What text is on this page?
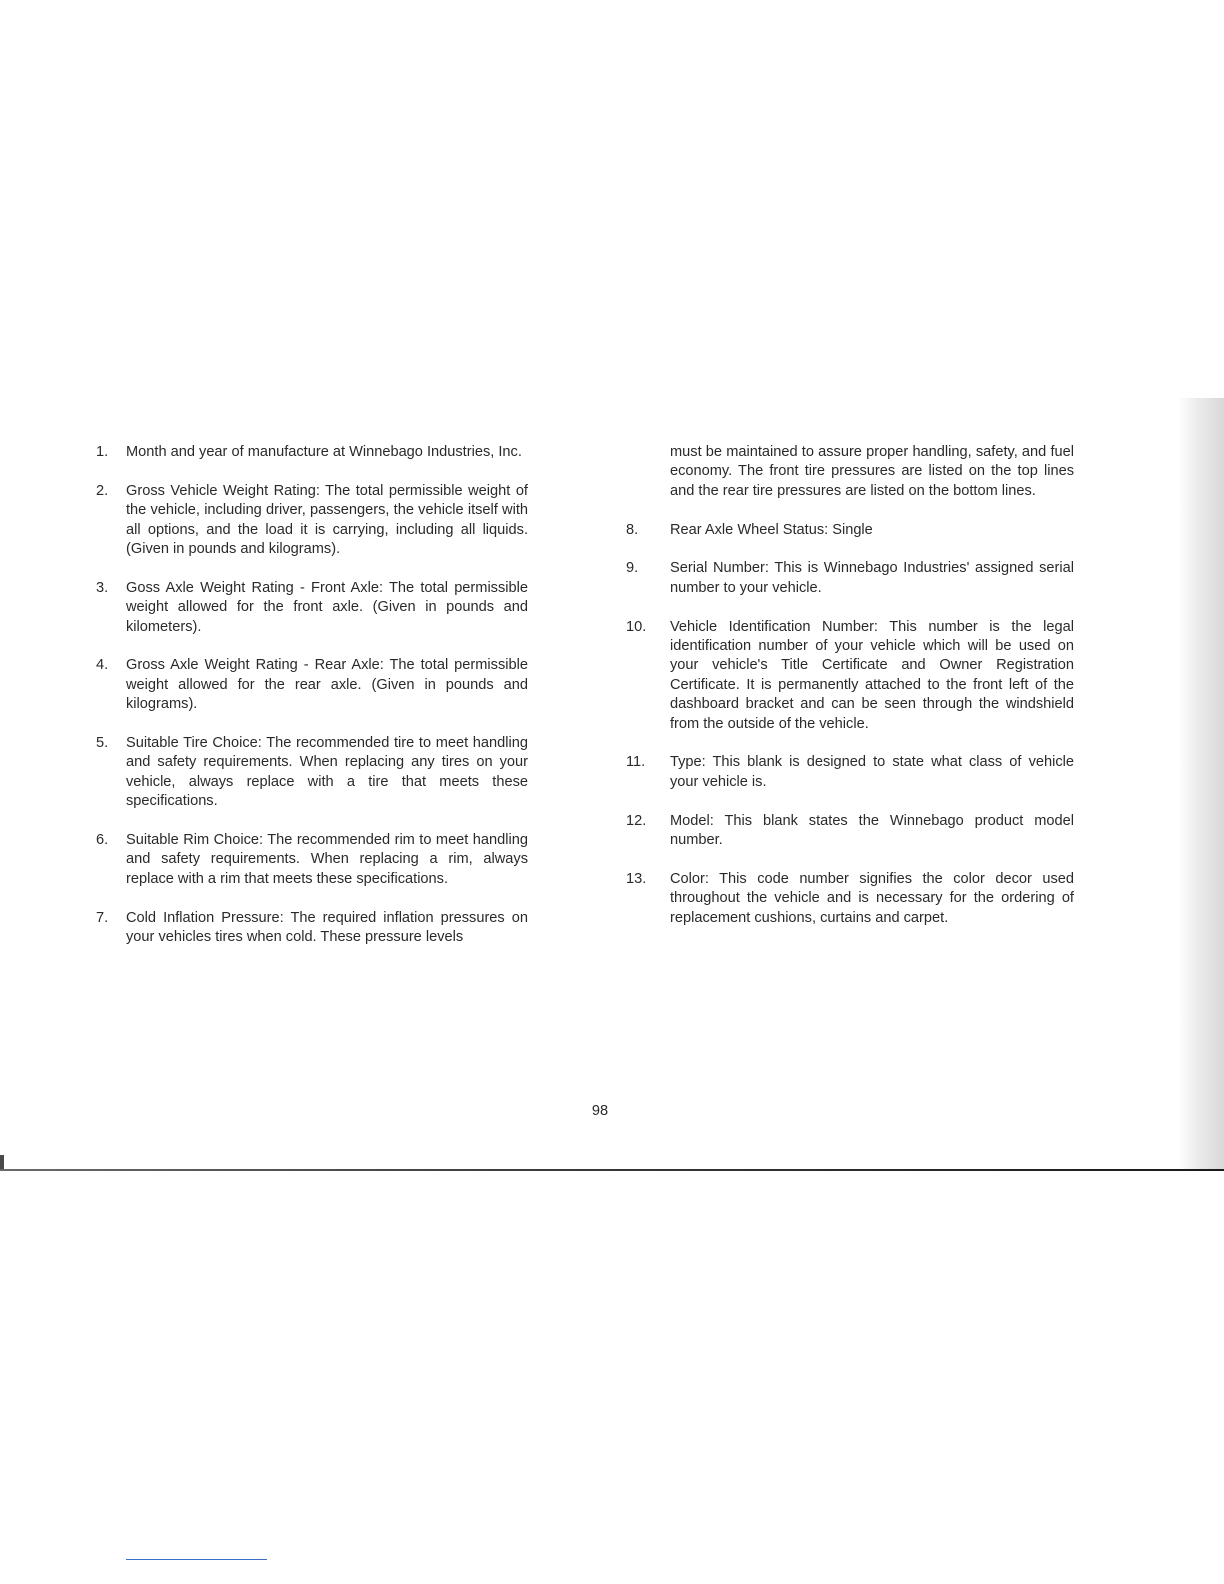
1.	Month and year of manufacture at Winnebago Industries, Inc.
2.	Gross Vehicle Weight Rating: The total permissible weight of the vehicle, including driver, passengers, the vehicle itself with all options, and the load it is carrying, including all liquids. (Given in pounds and kilograms).
3.	Goss Axle Weight Rating - Front Axle: The total permissible weight allowed for the front axle. (Given in pounds and kilometers).
4.	Gross Axle Weight Rating - Rear Axle: The total permissible weight allowed for the rear axle. (Given in pounds and kilograms).
5.	Suitable Tire Choice: The recommended tire to meet handling and safety requirements. When replacing any tires on your vehicle, always replace with a tire that meets these specifications.
6.	Suitable Rim Choice: The recommended rim to meet handling and safety requirements. When replacing a rim, always replace with a rim that meets these specifications.
7.	Cold Inflation Pressure: The required inflation pressures on your vehicles tires when cold. These pressure levels
must be maintained to assure proper handling, safety, and fuel economy. The front tire pressures are listed on the top lines and the rear tire pressures are listed on the bottom lines.
8.	Rear Axle Wheel Status: Single
9.	Serial Number: This is Winnebago Industries' assigned serial number to your vehicle.
10.	Vehicle Identification Number: This number is the legal identification number of your vehicle which will be used on your vehicle's Title Certificate and Owner Registration Certificate. It is permanently attached to the front left of the dashboard bracket and can be seen through the windshield from the outside of the vehicle.
11.	Type: This blank is designed to state what class of vehicle your vehicle is.
12.	Model: This blank states the Winnebago product model number.
13.	Color: This code number signifies the color decor used throughout the vehicle and is necessary for the ordering of replacement cushions, curtains and carpet.
98
